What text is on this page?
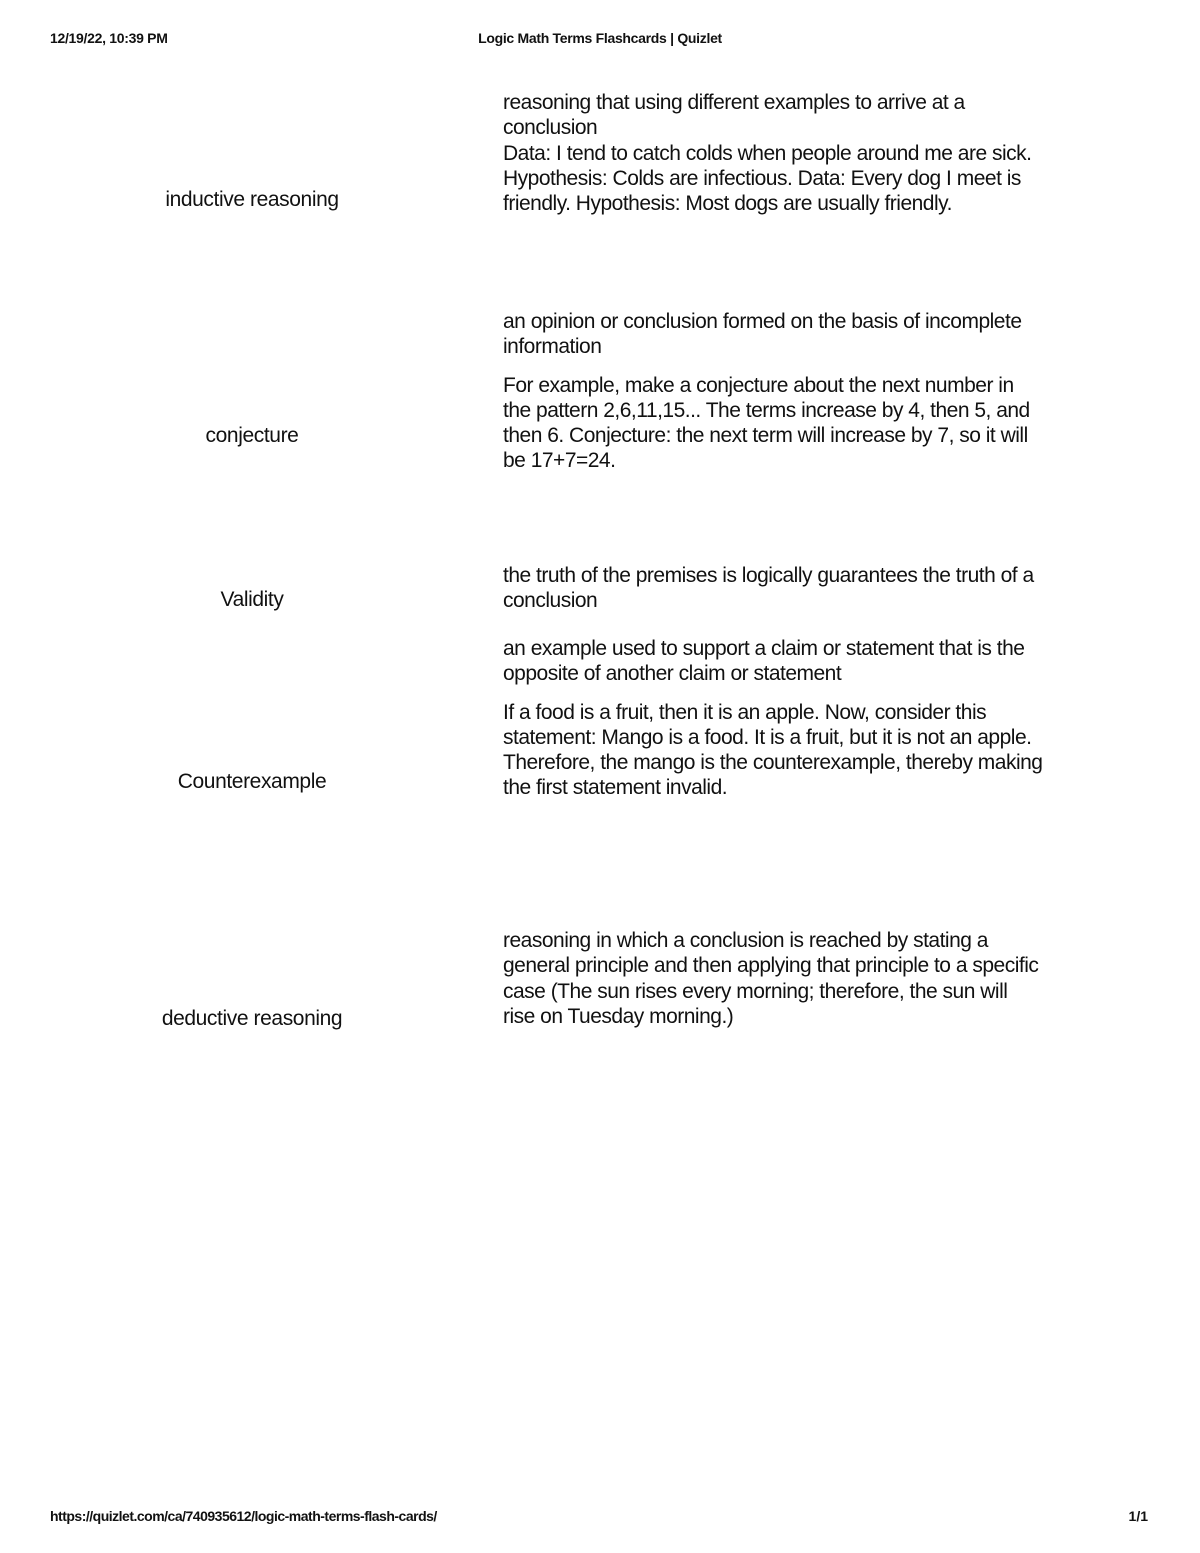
12/19/22, 10:39 PM	Logic Math Terms Flashcards | Quizlet
inductive reasoning

reasoning that using different examples to arrive at a conclusion

Data: I tend to catch colds when people around me are sick. Hypothesis: Colds are infectious. Data: Every dog I meet is friendly. Hypothesis: Most dogs are usually friendly.

conjecture

an opinion or conclusion formed on the basis of incomplete information

For example, make a conjecture about the next number in the pattern 2,6,11,15... The terms increase by 4, then 5, and then 6. Conjecture: the next term will increase by 7, so it will be 17+7=24.

Validity

the truth of the premises is logically guarantees the truth of a conclusion

Counterexample

an example used to support a claim or statement that is the opposite of another claim or statement

If a food is a fruit, then it is an apple. Now, consider this statement: Mango is a food. It is a fruit, but it is not an apple. Therefore, the mango is the counterexample, thereby making the first statement invalid.

deductive reasoning

reasoning in which a conclusion is reached by stating a general principle and then applying that principle to a specific case (The sun rises every morning; therefore, the sun will rise on Tuesday morning.)

https://quizlet.com/ca/740935612/logic-math-terms-flash-cards/	1/1
